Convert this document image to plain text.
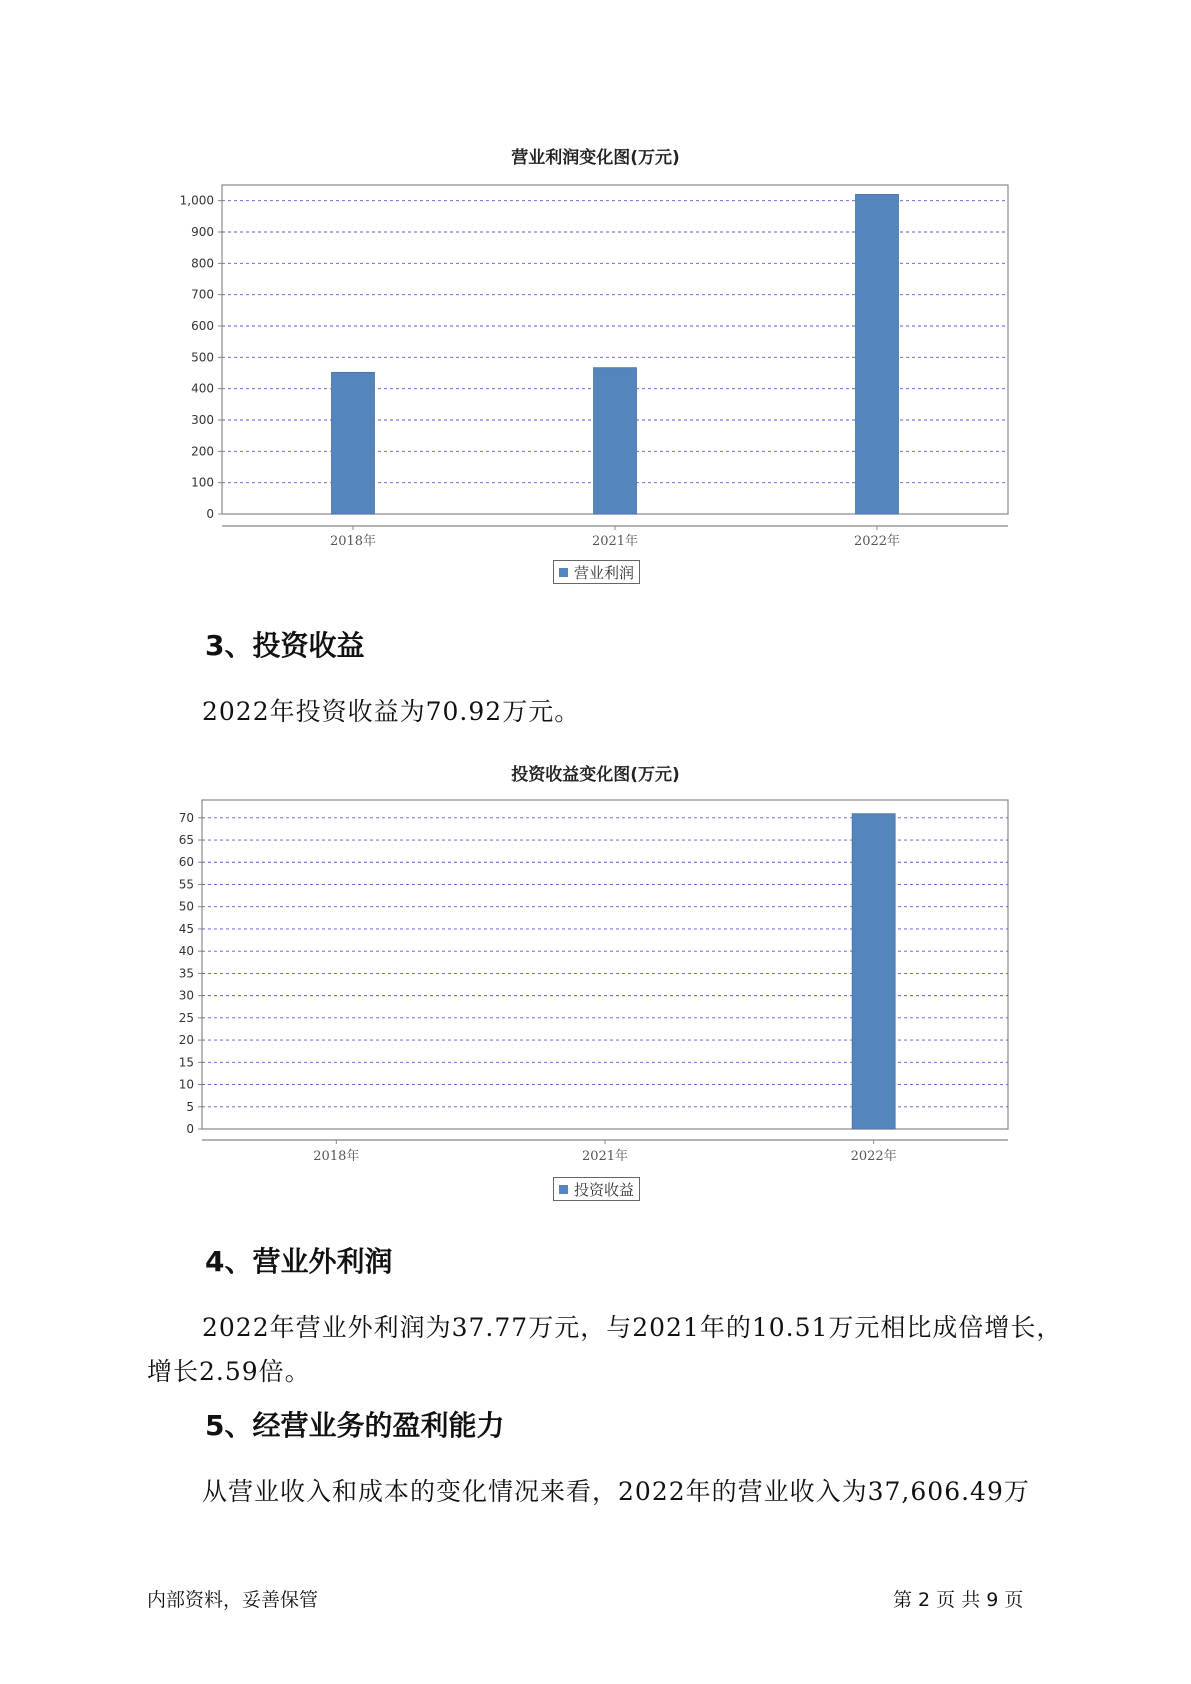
营业利润变化图(万元)
0
100
200
300
400
500
600
700
800
900
1,000
2018年	2021年	2022年
营业利润
3、投资收益
2022年投资收益为70.92万元。
投资收益变化图(万元)
0
5
10
15
20
25
30
35
40
45
50
55
60
65
70
2018年	2021年	2022年
投资收益
4、营业外利润
2022年营业外利润为37.77万元，与2021年的10.51万元相比成倍增长，
增长2.59倍。
5、经营业务的盈利能力
从营业收入和成本的变化情况来看，2022年的营业收入为37,606.49万
内部资料，妥善保管	第 2 页 共 9 页
